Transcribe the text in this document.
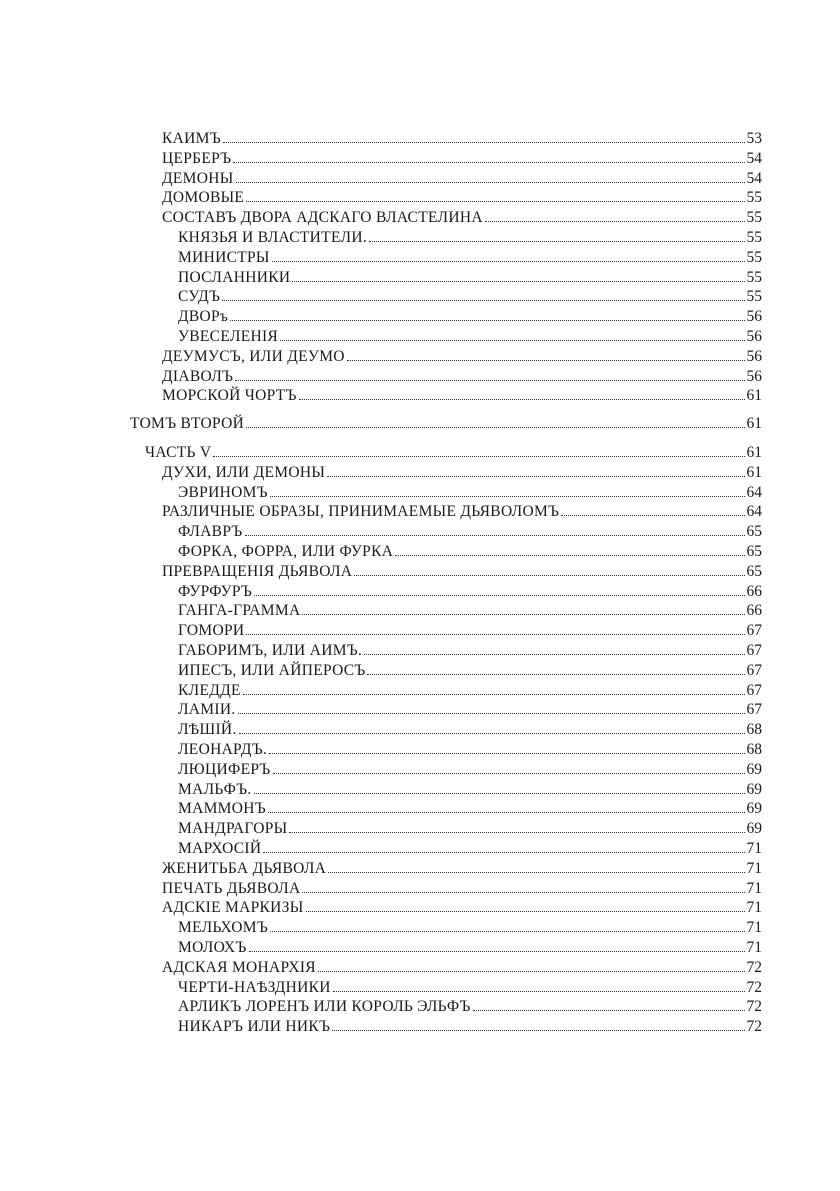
КАИМЪ	53
ЦЕРБЕРЪ	54
ДЕМОНЫ	54
ДОМОВЫЕ	55
СОСТАВЪ ДВОРА АДСКАГО ВЛАСТЕЛИНА	55
КНЯЗЬЯ И ВЛАСТИТЕЛИ.	55
МИНИСТРЫ	55
ПОСЛАННИКИ	55
СУДЪ	55
ДВОРъ	56
УВЕСЕЛЕНІЯ	56
ДЕУМУСЪ, ИЛИ ДЕУМО	56
ДІАВОЛЪ	56
МОРСКОЙ ЧОРТЪ	61
ТОМЪ ВТОРОЙ	61
ЧАСТЬ V	61
ДУХИ, ИЛИ ДЕМОНЫ	61
ЭВРИНОМЪ	64
РАЗЛИЧНЫЕ ОБРАЗЫ, ПРИНИМАЕМЫЕ ДЬЯВОЛОМЪ	64
ФЛАВРЪ	65
ФОРКА, ФОРРА, ИЛИ ФУРКА	65
ПРЕВРАЩЕНІЯ ДЬЯВОЛА	65
ФУРФУРЪ	66
ГАНГА-ГРАММА	66
ГОМОРИ	67
ГАБОРИМЪ, ИЛИ АИМЪ.	67
ИПЕСЪ, ИЛИ АЙПЕРОСЪ	67
КЛЕДДЕ	67
ЛАМІИ.	67
ЛѢШІЙ.	68
ЛЕОНАРДЪ.	68
ЛЮЦИФЕРЪ	69
МАЛЬФЪ.	69
МАММОНЪ	69
МАНДРАГОРЫ	69
МАРХОСІЙ	71
ЖЕНИТЬБА ДЬЯВОЛА	71
ПЕЧАТЬ ДЬЯВОЛА	71
АДСКІЕ МАРКИЗЫ	71
МЕЛЬХОМЪ	71
МОЛОХЪ	71
АДСКАЯ МОНАРХІЯ	72
ЧЕРТИ-НАѢЗДНИКИ	72
АРЛИКЪ ЛОРЕНЪ ИЛИ КОРОЛЬ ЭЛЬФЪ	72
НИКАРЪ ИЛИ НИКЪ	72
